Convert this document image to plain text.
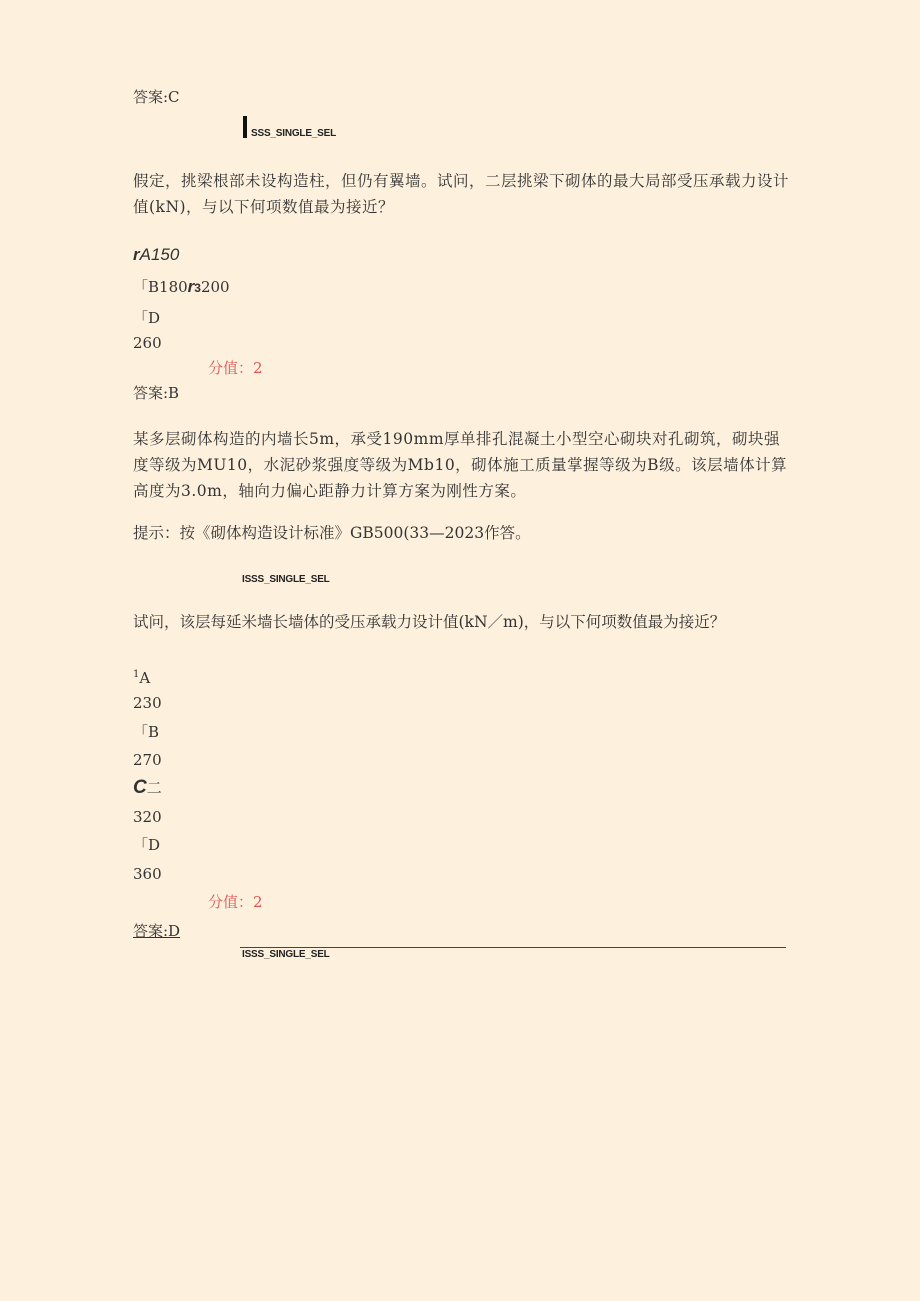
答案:C
SSS_SINGLE_SEL
假定，挑梁根部未设构造柱，但仍有翼墙。试问，二层挑梁下砌体的最大局部受压承载力设计值(kN)，与以下何项数值最为接近？
rA150
「B180r3200
「D
260
分值：2
答案:B
某多层砌体构造的内墙长5m，承受190mm厚单排孔混凝土小型空心砌块对孔砌筑，砌块强度等级为MU10，水泥砂浆强度等级为Mb10，砌体施工质量掌握等级为B级。该层墙体计算高度为3.0m，轴向力偏心距静力计算方案为刚性方案。
提示：按《砌体构造设计标准》GB500(33—2023作答。
ISSS_SINGLE_SEL
试问，该层每延米墙长墙体的受压承载力设计值(kN／m)，与以下何项数值最为接近？
$^1$A
230
「B
270
C二
320
「D
360
分值：2
答案:D
ISSS_SINGLE_SEL
